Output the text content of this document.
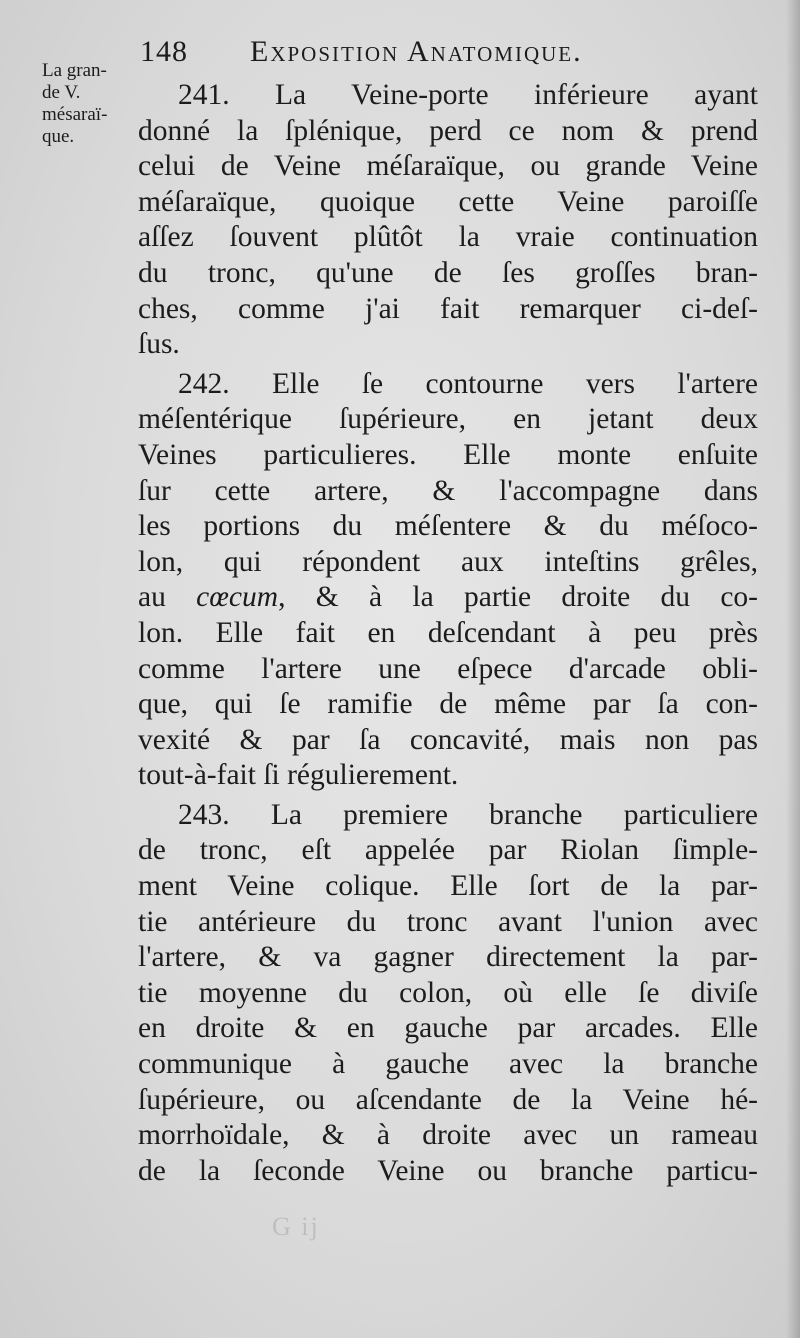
148 Exposition Anatomique.
La gran-
de V.
mésaraï-
que.
241. La Veine-porte inférieure ayant
donné la ſplénique, perd ce nom & prend
celui de Veine méſaraïque, ou grande Veine
méſaraïque, quoique cette Veine paroiſſe
aſſez ſouvent plûtôt la vraie continuation
du tronc, qu'une de ſes groſſes bran-
ches, comme j'ai fait remarquer ci-deſ-
ſus.
242. Elle ſe contourne vers l'artere
méſentérique ſupérieure, en jetant deux
Veines particulieres. Elle monte enſuite
ſur cette artere, & l'accompagne dans
les portions du méſentere & du méſoco-
lon, qui répondent aux inteſtins grêles,
au cœcum, & à la partie droite du co-
lon. Elle fait en deſcendant à peu près
comme l'artere une eſpece d'arcade obli-
que, qui ſe ramifie de même par ſa con-
vexité & par ſa concavité, mais non pas
tout-à-fait ſi régulierement.
243. La premiere branche particuliere
de tronc, eſt appelée par Riolan ſimple-
ment Veine colique. Elle ſort de la par-
tie antérieure du tronc avant l'union avec
l'artere, & va gagner directement la par-
tie moyenne du colon, où elle ſe diviſe
en droite & en gauche par arcades. Elle
communique à gauche avec la branche
ſupérieure, ou aſcendante de la Veine hé-
morrhoïdale, & à droite avec un rameau
de la ſeconde Veine ou branche particu-
G ij
